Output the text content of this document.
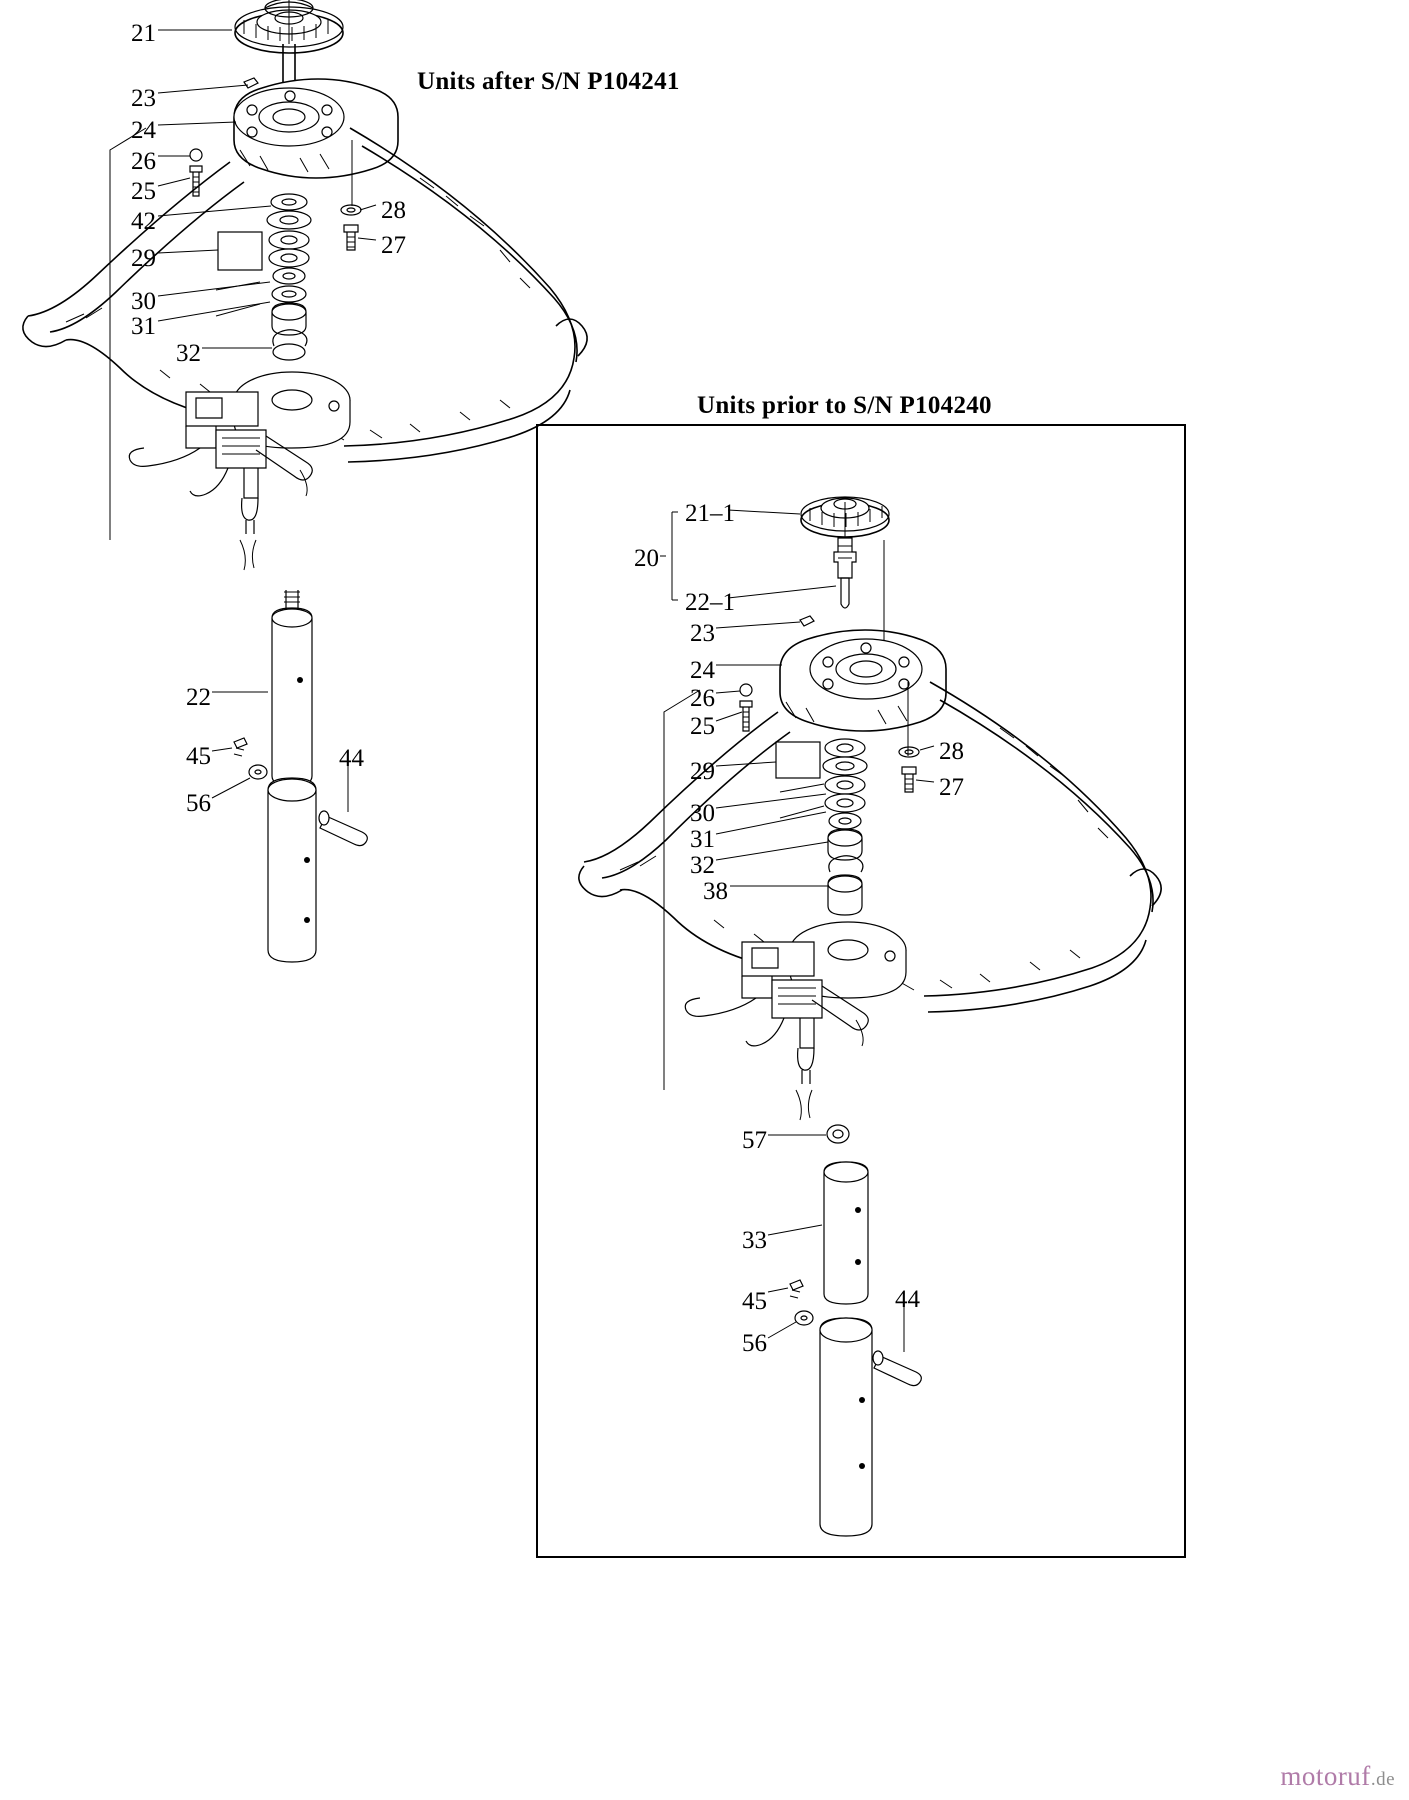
Units after S/N P104241
Units prior to S/N P104240
21
23
24
26
25
42
29
30
31
32
28
27
22
45
56
44
20
21–1
22–1
23
24
26
25
29
30
31
32
38
28
27
57
33
45
56
44
motoruf.de
